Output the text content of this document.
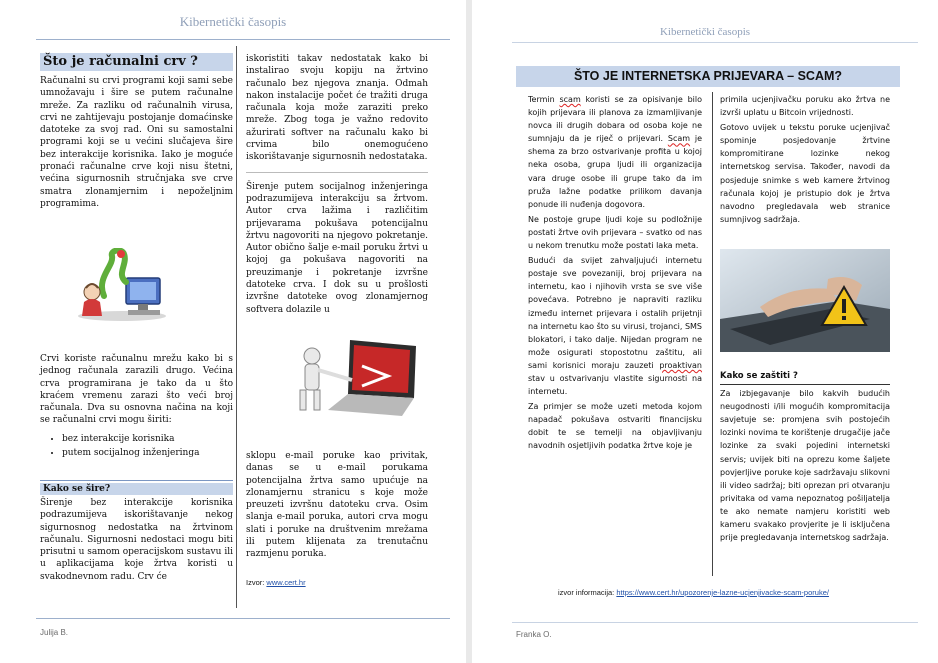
Kibernetički časopis
Što je računalni crv ?

Računalni su crvi programi koji sami sebe umnožavaju i šire se putem računalne mreže. Za razliku od računalnih virusa, crvi ne zahtijevaju postojanje domaćinske datoteke za svoj rad. Oni su samostalni programi koji se u većini slučajeva šire bez interakcije korisnika. Iako je moguće pronaći računalne crve koji nisu štetni, većina sigurnosnih stručnjaka sve crve smatra zlonamjernim i nepoželjnim programima.

Crvi koriste računalnu mrežu kako bi s jednog računala zarazili drugo. Većina crva programirana je tako da u što kraćem vremenu zarazi što veći broj računala. Dva su osnovna načina na koji se računalni crvi mogu širiti:

• bez interakcije korisnika
• putem socijalnog inženjeringa
Kako se šire?

Širenje bez interakcije korisnika podrazumijeva iskorištavanje nekog sigurnosnog nedostatka na žrtvinom računalu. Sigurnosni nedostaci mogu biti prisutni u samom operacijskom sustavu ili u aplikacijama koje žrtva koristi u svakodnevnom radu. Crv će

iskoristiti takav nedostatak kako bi instalirao svoju kopiju na žrtvino računalo bez njegova znanja. Odmah nakon instalacije počet će tražiti druga računala koja može zaraziti preko mreže. Zbog toga je važno redovito ažurirati softver na računalu kako bi crvima bilo onemogućeno iskorištavanje sigurnosnih nedostataka.

Širenje putem socijalnog inženjeringa podrazumijeva interakciju sa žrtvom. Autor crva lažima i različitim prijevarama pokušava potencijalnu žrtvu nagovoriti na njegovo pokretanje. Autor obično šalje e-mail poruku žrtvi u kojoj ga pokušava nagovoriti na preuzimanje i pokretanje izvršne datoteke crva. I dok su u prošlosti izvršne datoteke ovog zlonamjernog softvera dolazile u

sklopu e-mail poruke kao privitak, danas se u e-mail porukama potencijalna žrtva samo upućuje na zlonamjernu stranicu s koje može preuzeti izvršnu datoteku crva. Osim slanja e-mail poruka, autori crva mogu slati i poruke na društvenim mrežama ili putem klijenata za trenutačnu razmjenu poruka.

Izvor: www.cert.hr
Julija B.
Kibernetički časopis
ŠTO JE INTERNETSKA PRIJEVARA – SCAM?

Termin scam koristi se za opisivanje bilo kojih prijevara ili planova za izmamljivanje novca ili drugih dobara od osoba koje ne sumnjaju da je riječ o prijevari. Scam je shema za brzo ostvarivanje profita u kojoj neka osoba, grupa ljudi ili organizacija vara druge osobe ili grupe tako da im pruža lažne podatke prilikom davanja ponude ili nuđenja dogovora.

Ne postoje grupe ljudi koje su podložnije postati žrtve ovih prijevara – svatko od nas u nekom trenutku može postati laka meta.

Budući da svijet zahvaljujući internetu postaje sve povezaniji, broj prijevara na internetu, kao i njihovih vrsta se sve više povećava. Potrebno je napraviti razliku između internet prijevara i ostalih prijetnji na internetu kao što su virusi, trojanci, SMS blokatori, i tako dalje. Nijedan program ne može osigurati stopostotnu zaštitu, ali sami korisnici moraju zauzeti proaktivan stav u ostvarivanju vlastite sigurnosti na internetu.

Za primjer se može uzeti metoda kojom napadač pokušava ostvariti financijsku dobit te se temelji na objavljivanju navodnih osjetljivih podatka žrtve koje je

primila ucjenjivačku poruku ako žrtva ne izvrši uplatu u Bitcoin vrijednosti.

Gotovo uvijek u tekstu poruke ucjenjivač spominje posjedovanje žrtvine kompromitirane lozinke nekog internetskog servisa. Također, navodi da posjeduje snimke s web kamere žrtvinog računala kojoj je pristupio dok je žrtva navodno pregledavala web stranice sumnjivog sadržaja.

Kako se zaštiti ?

Za izbjegavanje bilo kakvih budućih neugodnosti i/ili mogućih kompromitacija savjetuje se: promjena svih postojećih lozinki novima te korištenje drugačije jače lozinke za svaki pojedini internetski servis; uvijek biti na oprezu kome šaljete povjerljive poruke koje sadržavaju slikovni ili video sadržaj; biti oprezan pri otvaranju privitaka od vama nepoznatog pošiljatelja te ako nemate namjeru koristiti web kameru svakako provjerite je li isključena prije pregledavanja internetskog sadržaja.

izvor informacija: https://www.cert.hr/upozorenje-lazne-ucjenjivacke-scam-poruke/
Franka O.
